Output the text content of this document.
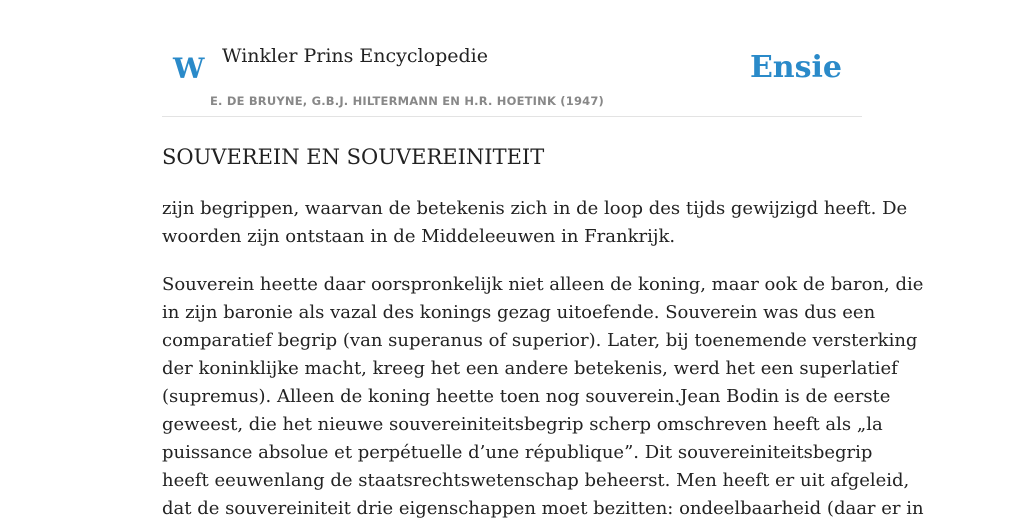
W Winkler Prins Encyclopedie
E. DE BRUYNE, G.B.J. HILTERMANN EN H.R. HOETINK (1947)
Ensie
SOUVEREIN EN SOUVEREINITEIT

zijn begrippen, waarvan de betekenis zich in de loop des tijds gewijzigd heeft. De
woorden zijn ontstaan in de Middeleeuwen in Frankrijk.

Souverein heette daar oorspronkelijk niet alleen de koning, maar ook de baron, die
in zijn baronie als vazal des konings gezag uitoefende. Souverein was dus een
comparatief begrip (van superanus of superior). Later, bij toenemende versterking
der koninklijke macht, kreeg het een andere betekenis, werd het een superlatief
(supremus). Alleen de koning heette toen nog souverein.Jean Bodin is de eerste
geweest, die het nieuwe souvereiniteitsbegrip scherp omschreven heeft als „la
puissance absolue et perpétuelle d’une république”. Dit souvereiniteitsbegrip
heeft eeuwenlang de staatsrechtswetenschap beheerst. Men heeft er uit afgeleid,
dat de souvereiniteit drie eigenschappen moet bezitten: ondeelbaarheid (daar er in
